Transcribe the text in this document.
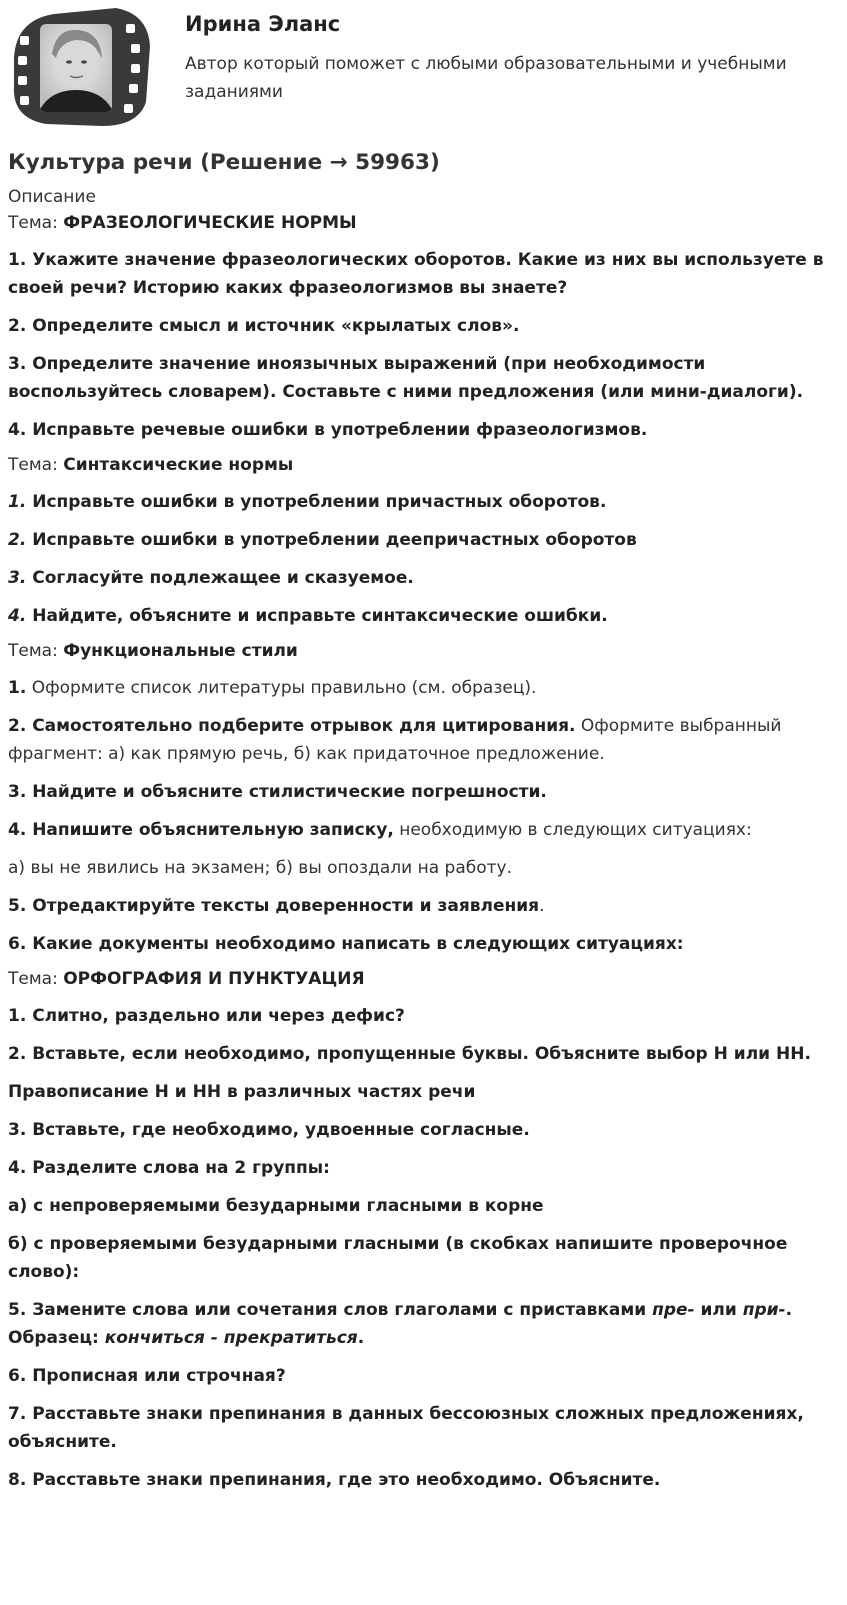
Ирина Эланс
Автор который поможет с любыми образовательными и учебными заданиями
Культура речи (Решение → 59963)
Описание
Тема: ФРАЗЕОЛОГИЧЕСКИЕ НОРМЫ

1. Укажите значение фразеологических оборотов. Какие из них вы используете в своей речи? Историю каких фразеологизмов вы знаете?

2. Определите смысл и источник «крылатых слов».

3. Определите значение иноязычных выражений (при необходимости воспользуйтесь словарем). Составьте с ними предложения (или мини-диалоги).

4. Исправьте речевые ошибки в употреблении фразеологизмов.

Тема: Синтаксические нормы

1. Исправьте ошибки в употреблении причастных оборотов.

2. Исправьте ошибки в употреблении деепричастных оборотов

3. Согласуйте подлежащее и сказуемое.

4. Найдите, объясните и исправьте синтаксические ошибки.

Тема: Функциональные стили

1. Оформите список литературы правильно (см. образец).

2. Самостоятельно подберите отрывок для цитирования. Оформите выбранный фрагмент: а) как прямую речь, б) как придаточное предложение.

3. Найдите и объясните стилистические погрешности.

4. Напишите объяснительную записку, необходимую в следующих ситуациях:

а) вы не явились на экзамен; б) вы опоздали на работу.

5. Отредактируйте тексты доверенности и заявления.

6. Какие документы необходимо написать в следующих ситуациях:

Тема: ОРФОГРАФИЯ И ПУНКТУАЦИЯ

1. Слитно, раздельно или через дефис?

2. Вставьте, если необходимо, пропущенные буквы. Объясните выбор Н или НН.

Правописание Н и НН в различных частях речи

3. Вставьте, где необходимо, удвоенные согласные.

4. Разделите слова на 2 группы:

а) с непроверяемыми безударными гласными в корне

б) с проверяемыми безударными гласными (в скобках напишите проверочное слово):

5. Замените слова или сочетания слов глаголами с приставками пре- или при-. Образец: кончиться - прекратиться.

6. Прописная или строчная?

7. Расставьте знаки препинания в данных бессоюзных сложных предложениях, объясните.

8. Расставьте знаки препинания, где это необходимо. Объясните.
